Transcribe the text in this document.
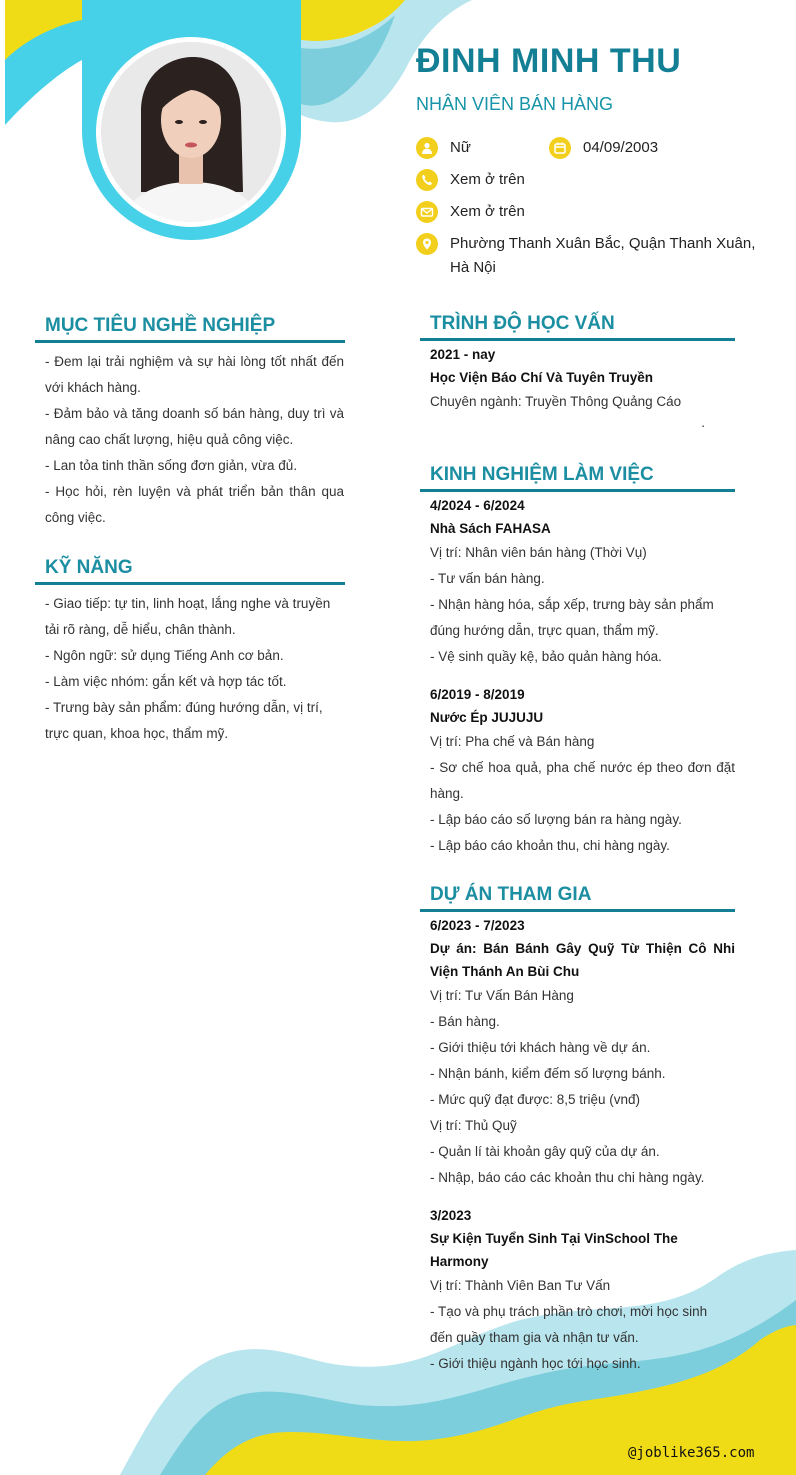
ĐINH MINH THU
NHÂN VIÊN BÁN HÀNG
Nữ	04/09/2003
Xem ở trên
Xem ở trên
Phường Thanh Xuân Bắc, Quận Thanh Xuân,
Hà Nội
MỤC TIÊU NGHỀ NGHIỆP

- Đem lại trải nghiệm và sự hài lòng tốt nhất đến với khách hàng.

- Đảm bảo và tăng doanh số bán hàng, duy trì và nâng cao chất lượng, hiệu quả công việc.

- Lan tỏa tinh thần sống đơn giản, vừa đủ.

- Học hỏi, rèn luyện và phát triển bản thân qua công việc.

KỸ NĂNG

- Giao tiếp: tự tin, linh hoạt, lắng nghe và truyền tải rõ ràng, dễ hiểu, chân thành.

- Ngôn ngữ: sử dụng Tiếng Anh cơ bản.

- Làm việc nhóm: gắn kết và hợp tác tốt.

- Trưng bày sản phẩm: đúng hướng dẫn, vị trí, trực quan, khoa học, thẩm mỹ.

TRÌNH ĐỘ HỌC VẤN

2021 - nay

Học Viện Báo Chí Và Tuyên Truyền

Chuyên ngành: Truyền Thông Quảng Cáo

.

KINH NGHIỆM LÀM VIỆC

4/2024 - 6/2024

Nhà Sách FAHASA

Vị trí: Nhân viên bán hàng (Thời Vụ)

- Tư vấn bán hàng.

- Nhận hàng hóa, sắp xếp, trưng bày sản phẩm đúng hướng dẫn, trực quan, thẩm mỹ.

- Vệ sinh quầy kệ, bảo quản hàng hóa.

6/2019 - 8/2019

Nước Ép JUJUJU

Vị trí: Pha chế và Bán hàng

- Sơ chế hoa quả, pha chế nước ép theo đơn đặt hàng.

- Lập báo cáo số lượng bán ra hàng ngày.

- Lập báo cáo khoản thu, chi hàng ngày.

DỰ ÁN THAM GIA

6/2023 - 7/2023

Dự án: Bán Bánh Gây Quỹ Từ Thiện Cô Nhi Viện Thánh An Bùi Chu

Vị trí: Tư Vấn Bán Hàng

- Bán hàng.

- Giới thiệu tới khách hàng về dự án.

- Nhận bánh, kiểm đếm số lượng bánh.

- Mức quỹ đạt được: 8,5 triệu (vnđ)

Vị trí: Thủ Quỹ

- Quản lí tài khoản gây quỹ của dự án.

- Nhập, báo cáo các khoản thu chi hàng ngày.

3/2023

Sự Kiện Tuyển Sinh Tại VinSchool The Harmony

Vị trí: Thành Viên Ban Tư Vấn

- Tạo và phụ trách phần trò chơi, mời học sinh đến quầy tham gia và nhận tư vấn.

- Giới thiệu ngành học tới học sinh.

@joblike365.com
